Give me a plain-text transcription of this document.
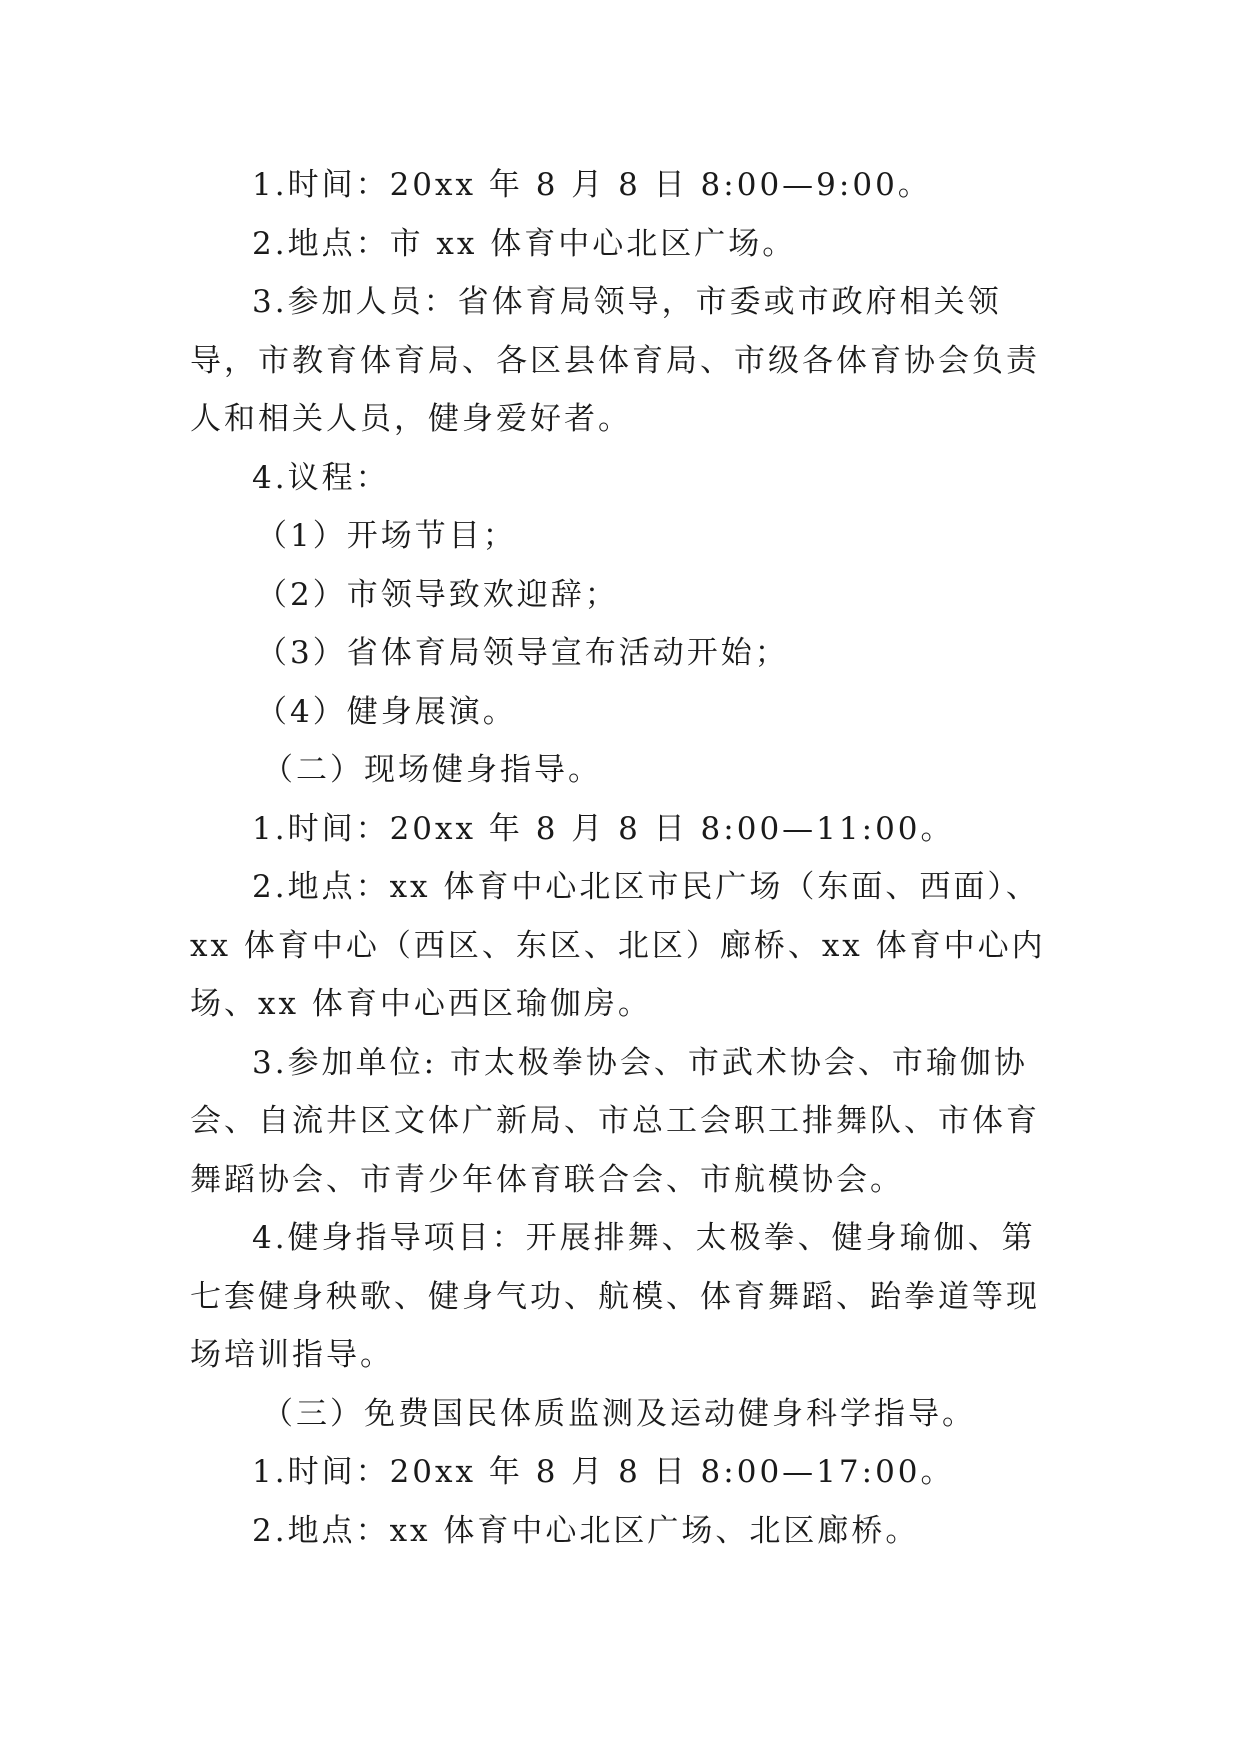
1.时间：20xx 年 8 月 8 日 8:00—9:00。

2.地点：市 xx 体育中心北区广场。

3.参加人员：省体育局领导，市委或市政府相关领导，市教育体育局、各区县体育局、市级各体育协会负责人和相关人员，健身爱好者。

4.议程：

（1）开场节目；

（2）市领导致欢迎辞；

（3）省体育局领导宣布活动开始；

（4）健身展演。

（二）现场健身指导。

1.时间：20xx 年 8 月 8 日 8:00—11:00。

2.地点：xx 体育中心北区市民广场（东面、西面）、xx 体育中心（西区、东区、北区）廊桥、xx 体育中心内场、xx 体育中心西区瑜伽房。

3.参加单位: 市太极拳协会、市武术协会、市瑜伽协会、自流井区文体广新局、市总工会职工排舞队、市体育舞蹈协会、市青少年体育联合会、市航模协会。

4.健身指导项目：开展排舞、太极拳、健身瑜伽、第七套健身秧歌、健身气功、航模、体育舞蹈、跆拳道等现场培训指导。

（三）免费国民体质监测及运动健身科学指导。

1.时间：20xx 年 8 月 8 日 8:00—17:00。

2.地点：xx 体育中心北区广场、北区廊桥。
